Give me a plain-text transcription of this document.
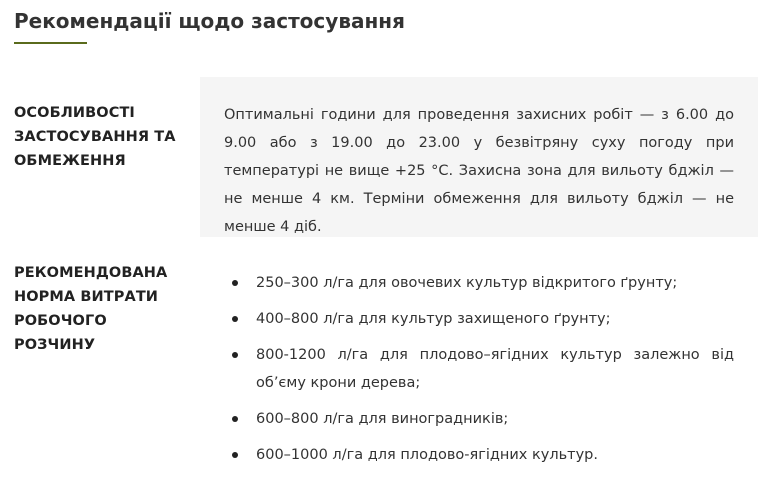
Рекомендації щодо застосування

ОСОБЛИВОСТІ ЗАСТОСУВАННЯ ТА ОБМЕЖЕННЯ

Оптимальні години для проведення захисних робіт — з 6.00 до 9.00 або з 19.00 до 23.00 у безвітряну суху погоду при температурі не вище +25 °С. Захисна зона для вильоту бджіл — не менше 4 км. Терміни обмеження для вильоту бджіл — не менше 4 діб.

РЕКОМЕНДОВАНА НОРМА ВИТРАТИ РОБОЧОГО РОЗЧИНУ

250–300 л/га для овочевих культур відкритого ґрунту;
400–800 л/га для культур захищеного ґрунту;
800-1200 л/га для плодово–ягідних культур залежно від об’єму крони дерева;
600–800 л/га для виноградників;
600–1000 л/га для плодово-ягідних культур.
